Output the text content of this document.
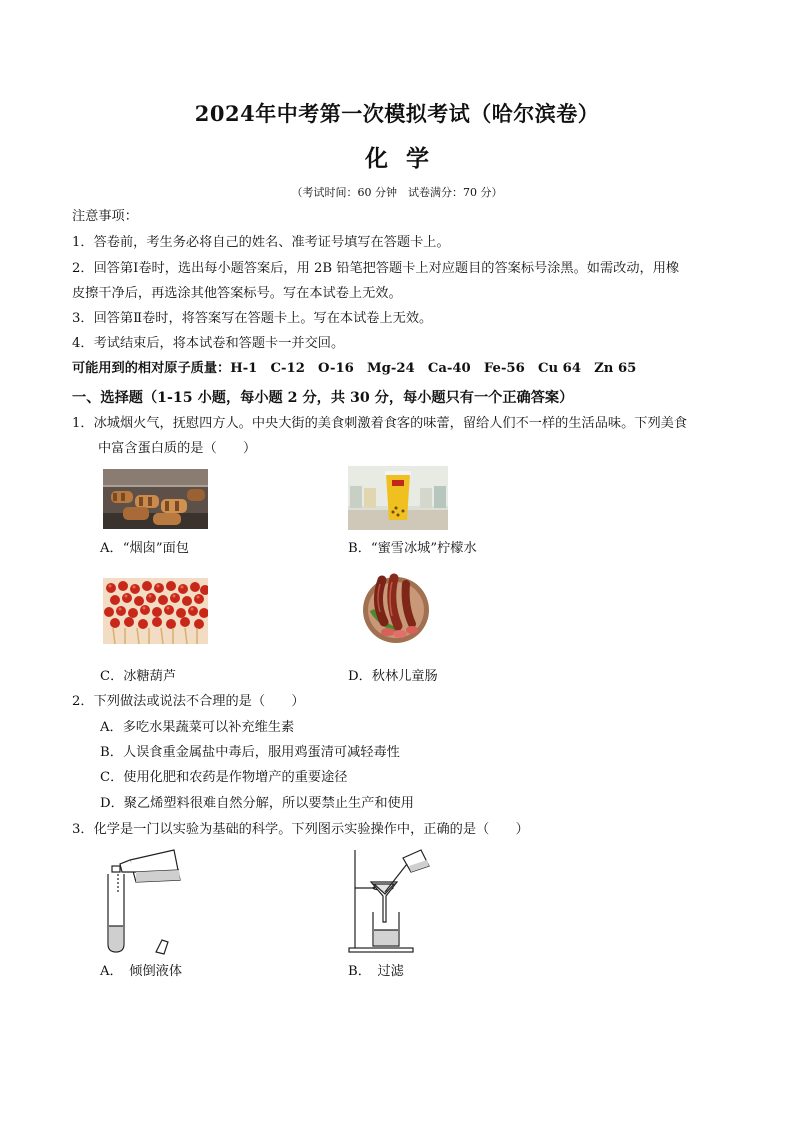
2024年中考第一次模拟考试（哈尔滨卷）
化学
（考试时间：60 分钟　试卷满分：70 分）
注意事项：
1．答卷前，考生务必将自己的姓名、准考证号填写在答题卡上。
2．回答第Ⅰ卷时，选出每小题答案后，用 2B 铅笔把答题卡上对应题目的答案标号涂黑。如需改动，用橡
皮擦干净后，再选涂其他答案标号。写在本试卷上无效。
3．回答第Ⅱ卷时，将答案写在答题卡上。写在本试卷上无效。
4．考试结束后，将本试卷和答题卡一并交回。
可能用到的相对原子质量：H-1　C-12　O-16　Mg-24　Ca-40　Fe-56　Cu 64　Zn 65
一、选择题（1-15 小题，每小题 2 分，共 30 分，每小题只有一个正确答案）
1．冰城烟火气，抚慰四方人。中央大街的美食刺激着食客的味蕾，留给人们不一样的生活品味。下列美食
中富含蛋白质的是（　　）
A．“烟囱”面包	B．“蜜雪冰城”柠檬水
C．冰糖葫芦	D．秋林儿童肠
2．下列做法或说法不合理的是（　　）
A．多吃水果蔬菜可以补充维生素
B．人误食重金属盐中毒后，服用鸡蛋清可减轻毒性
C．使用化肥和农药是作物增产的重要途径
D．聚乙烯塑料很难自然分解，所以要禁止生产和使用
3．化学是一门以实验为基础的科学。下列图示实验操作中，正确的是（　　）
A．　倾倒液体	B．　过滤
